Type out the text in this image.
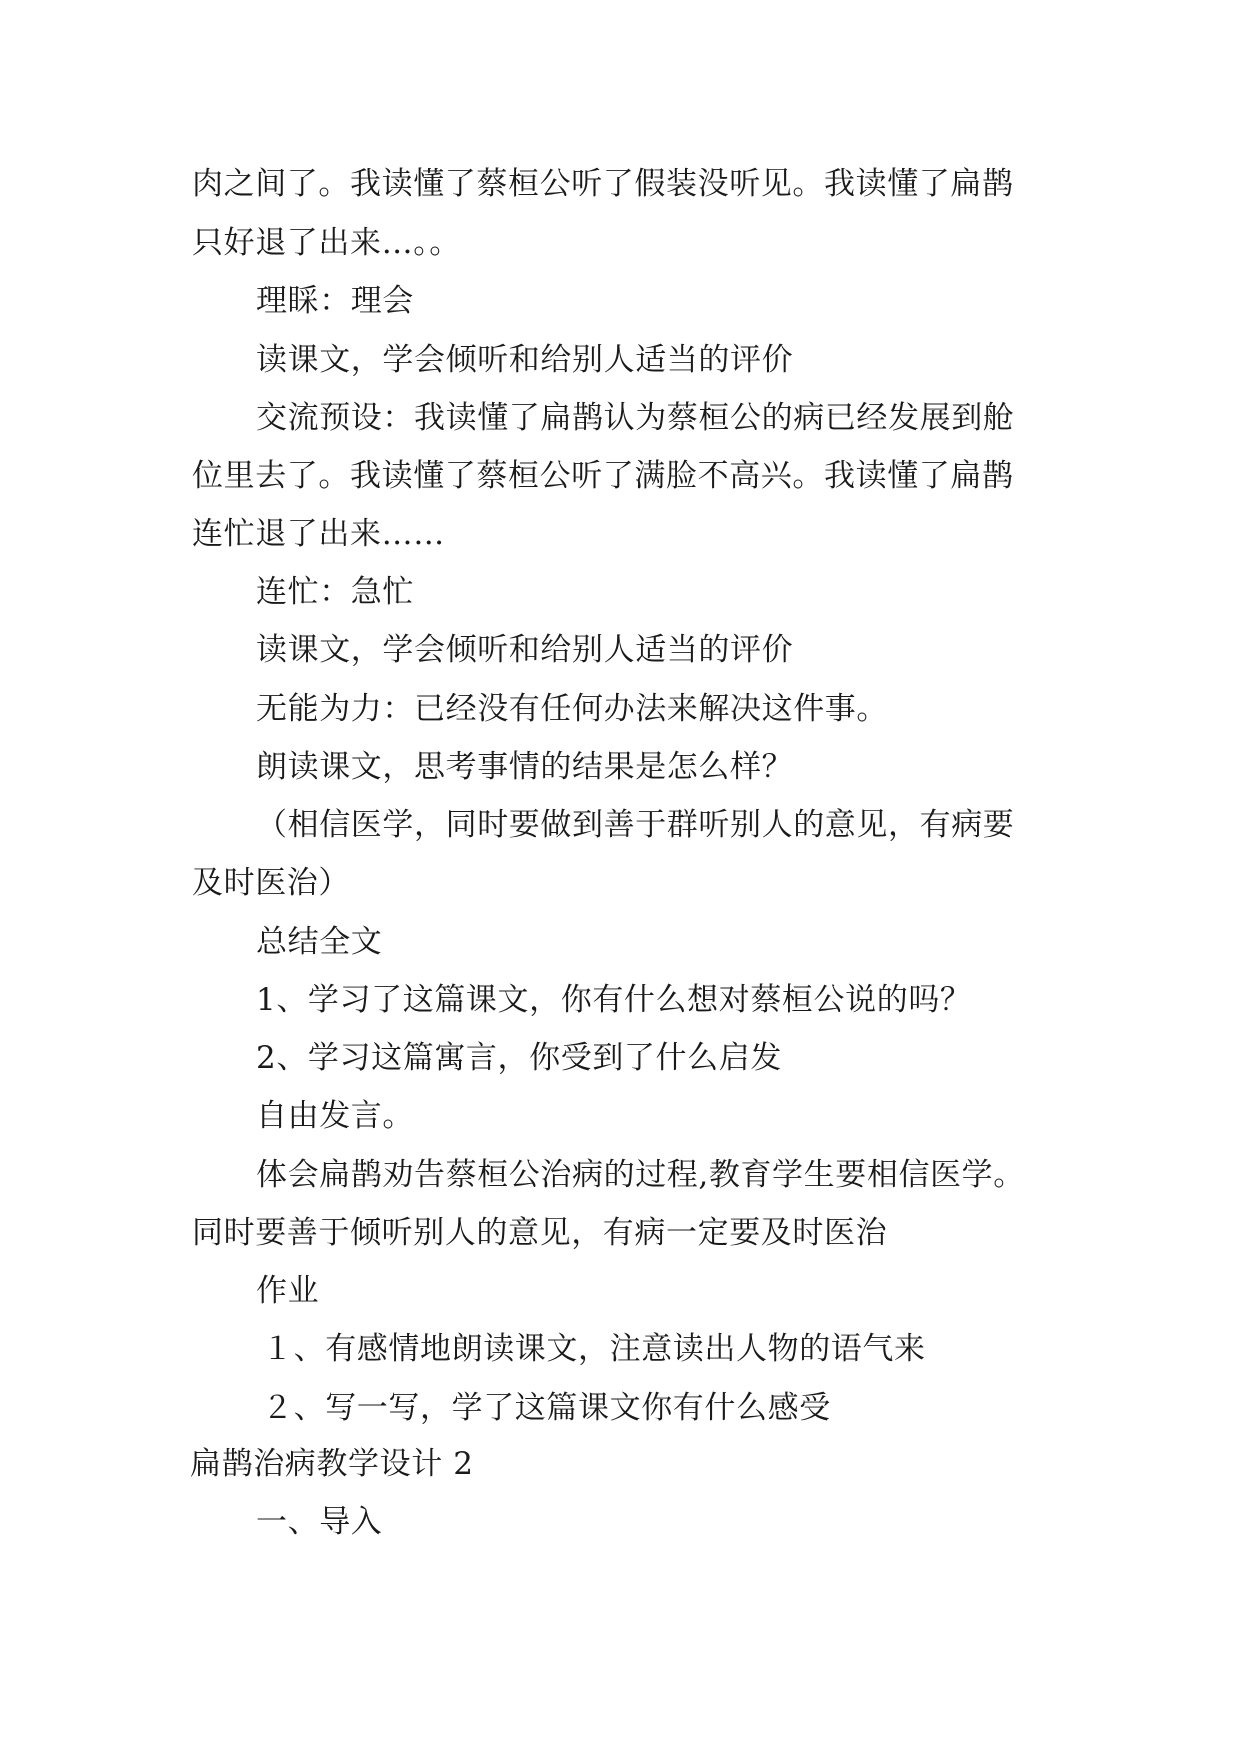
肉之间了。我读懂了蔡桓公听了假装没听见。我读懂了扁鹊
只好退了出来…。。
理睬：理会
读课文，学会倾听和给别人适当的评价
交流预设：我读懂了扁鹊认为蔡桓公的病已经发展到舱
位里去了。我读懂了蔡桓公听了满脸不高兴。我读懂了扁鹊
连忙退了出来……
连忙：急忙
读课文，学会倾听和给别人适当的评价
无能为力：已经没有任何办法来解决这件事。
朗读课文，思考事情的结果是怎么样？
（相信医学，同时要做到善于群听别人的意见，有病要
及时医治）
总结全文
1、学习了这篇课文，你有什么想对蔡桓公说的吗？
2、学习这篇寓言，你受到了什么启发
自由发言。
体会扁鹊劝告蔡桓公治病的过程,教育学生要相信医学。
同时要善于倾听别人的意见，有病一定要及时医治
作业
１、有感情地朗读课文，注意读出人物的语气来
２、写一写，学了这篇课文你有什么感受
扁鹊治病教学设计 2
一、导入
